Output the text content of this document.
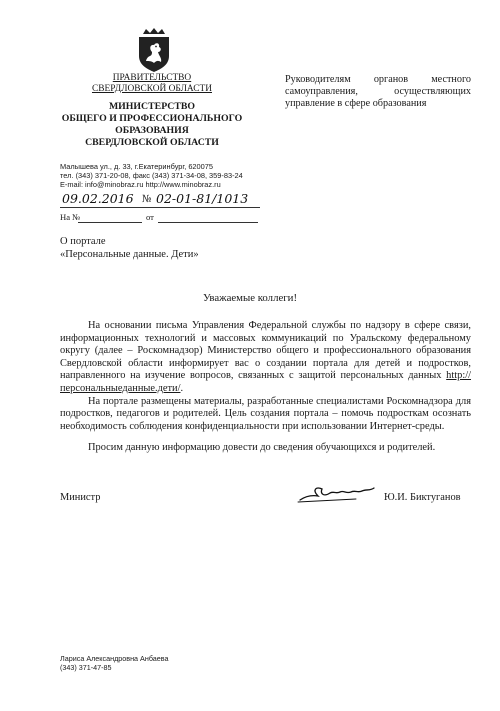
ПРАВИТЕЛЬСТВО
СВЕРДЛОВСКОЙ ОБЛАСТИ
МИНИСТЕРСТВО
ОБЩЕГО И ПРОФЕССИОНАЛЬНОГО
ОБРАЗОВАНИЯ
СВЕРДЛОВСКОЙ ОБЛАСТИ
Малышева ул., д. 33, г.Екатеринбург, 620075
тел. (343) 371-20-08, факс (343) 371-34-08, 359-83-24
E-mail: info@minobraz.ru http://www.minobraz.ru
09.02.2016 № 02-01-81/1013
На №	от
Руководителям органов местного самоуправления, осуществляющих управление в сфере образования
О портале
«Персональные данные. Дети»
Уважаемые коллеги!

На основании письма Управления Федеральной службы по надзору в сфере связи, информационных технологий и массовых коммуникаций по Уральскому федеральному округу (далее – Роскомнадзор) Министерство общего и профессионального образования Свердловской области информирует вас о создании портала для детей и подростков, направленного на изучение вопросов, связанных с защитой персональных данных http://персональныеданные.дети/.

На портале размещены материалы, разработанные специалистами Роскомнадзора для подростков, педагогов и родителей. Цель создания портала – помочь подросткам осознать необходимость соблюдения конфиденциальности при использовании Интернет-среды.

Просим данную информацию довести до сведения обучающихся и родителей.

Министр	Ю.И. Биктуганов
Лариса Александровна Анбаева
(343) 371-47-85
